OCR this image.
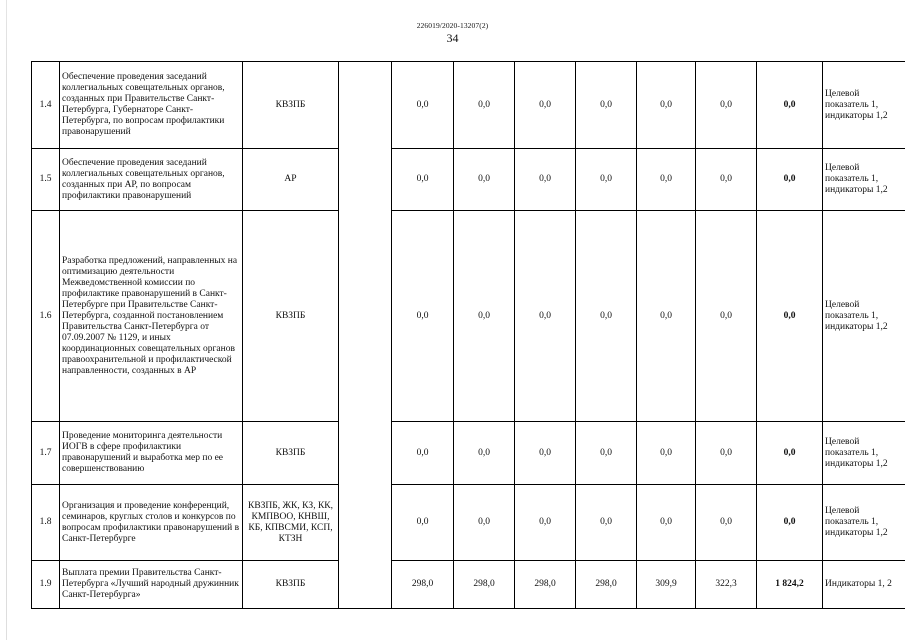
226019/2020-13207(2)
34
1.4	Обеспечение проведения заседаний коллегиальных совещательных органов, созданных при Правительстве Санкт-Петербурга, Губернаторе Санкт-Петербурга, по вопросам профилактики правонарушений	КВЗПБ		0,0	0,0	0,0	0,0	0,0	0,0	0,0	Целевой показатель 1, индикаторы 1,2
1.5	Обеспечение проведения заседаний коллегиальных совещательных органов, созданных при АР, по вопросам профилактики правонарушений	АР		0,0	0,0	0,0	0,0	0,0	0,0	0,0	Целевой показатель 1, индикаторы 1,2
1.6	Разработка предложений, направленных на оптимизацию деятельности Межведомственной комиссии по профилактике правонарушений в Санкт-Петербурге при Правительстве Санкт-Петербурга, созданной постановлением Правительства Санкт-Петербурга от 07.09.2007 № 1129, и иных координационных совещательных органов правоохранительной и профилактической направленности, созданных в АР	КВЗПБ		0,0	0,0	0,0	0,0	0,0	0,0	0,0	Целевой показатель 1, индикаторы 1,2
1.7	Проведение мониторинга деятельности ИОГВ в сфере профилактики правонарушений и выработка мер по ее совершенствованию	КВЗПБ		0,0	0,0	0,0	0,0	0,0	0,0	0,0	Целевой показатель 1, индикаторы 1,2
1.8	Организация и проведение конференций, семинаров, круглых столов и конкурсов по вопросам профилактики правонарушений в Санкт-Петербурге	КВЗПБ, ЖК, КЗ, КК, КМПВОО, КНВШ, КБ, КПВСМИ, КСП, КТЗН		0,0	0,0	0,0	0,0	0,0	0,0	0,0	Целевой показатель 1, индикаторы 1,2
1.9	Выплата премии Правительства Санкт-Петербурга «Лучший народный дружинник Санкт-Петербурга»	КВЗПБ		298,0	298,0	298,0	298,0	309,9	322,3	1 824,2	Индикаторы 1, 2
